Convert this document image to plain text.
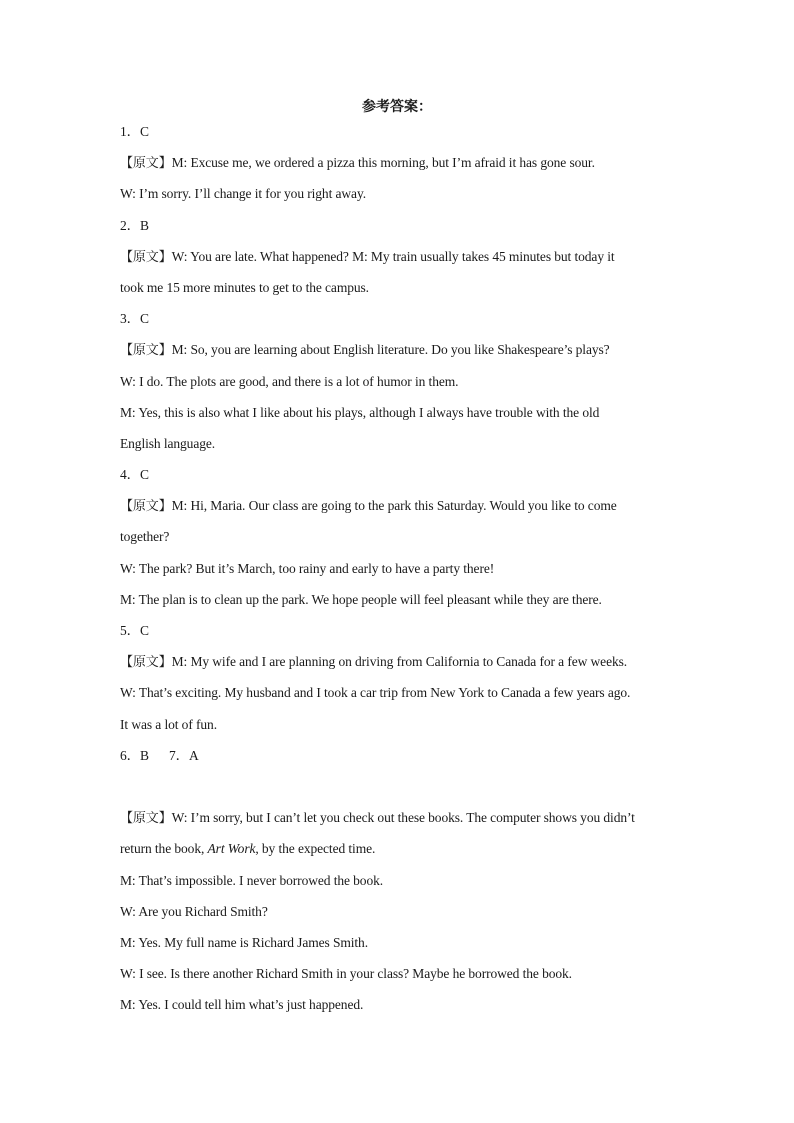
参考答案：
1．C
【原文】M: Excuse me, we ordered a pizza this morning, but I’m afraid it has gone sour.
W: I’m sorry. I’ll change it for you right away.
2．B
【原文】W: You are late. What happened? M: My train usually takes 45 minutes but today it
took me 15 more minutes to get to the campus.
3．C
【原文】M: So, you are learning about English literature. Do you like Shakespeare’s plays?
W: I do. The plots are good, and there is a lot of humor in them.
M: Yes, this is also what I like about his plays, although I always have trouble with the old
English language.
4．C
【原文】M: Hi, Maria. Our class are going to the park this Saturday. Would you like to come
together?
W: The park? But it’s March, too rainy and early to have a party there!
M: The plan is to clean up the park. We hope people will feel pleasant while they are there.
5．C
【原文】M: My wife and I are planning on driving from California to Canada for a few weeks.
W: That’s exciting. My husband and I took a car trip from New York to Canada a few years ago.
It was a lot of fun.
6．B 7．A
【原文】W: I’m sorry, but I can’t let you check out these books. The computer shows you didn’t
return the book, Art Work, by the expected time.
M: That’s impossible. I never borrowed the book.
W: Are you Richard Smith?
M: Yes. My full name is Richard James Smith.
W: I see. Is there another Richard Smith in your class? Maybe he borrowed the book.
M: Yes. I could tell him what’s just happened.
